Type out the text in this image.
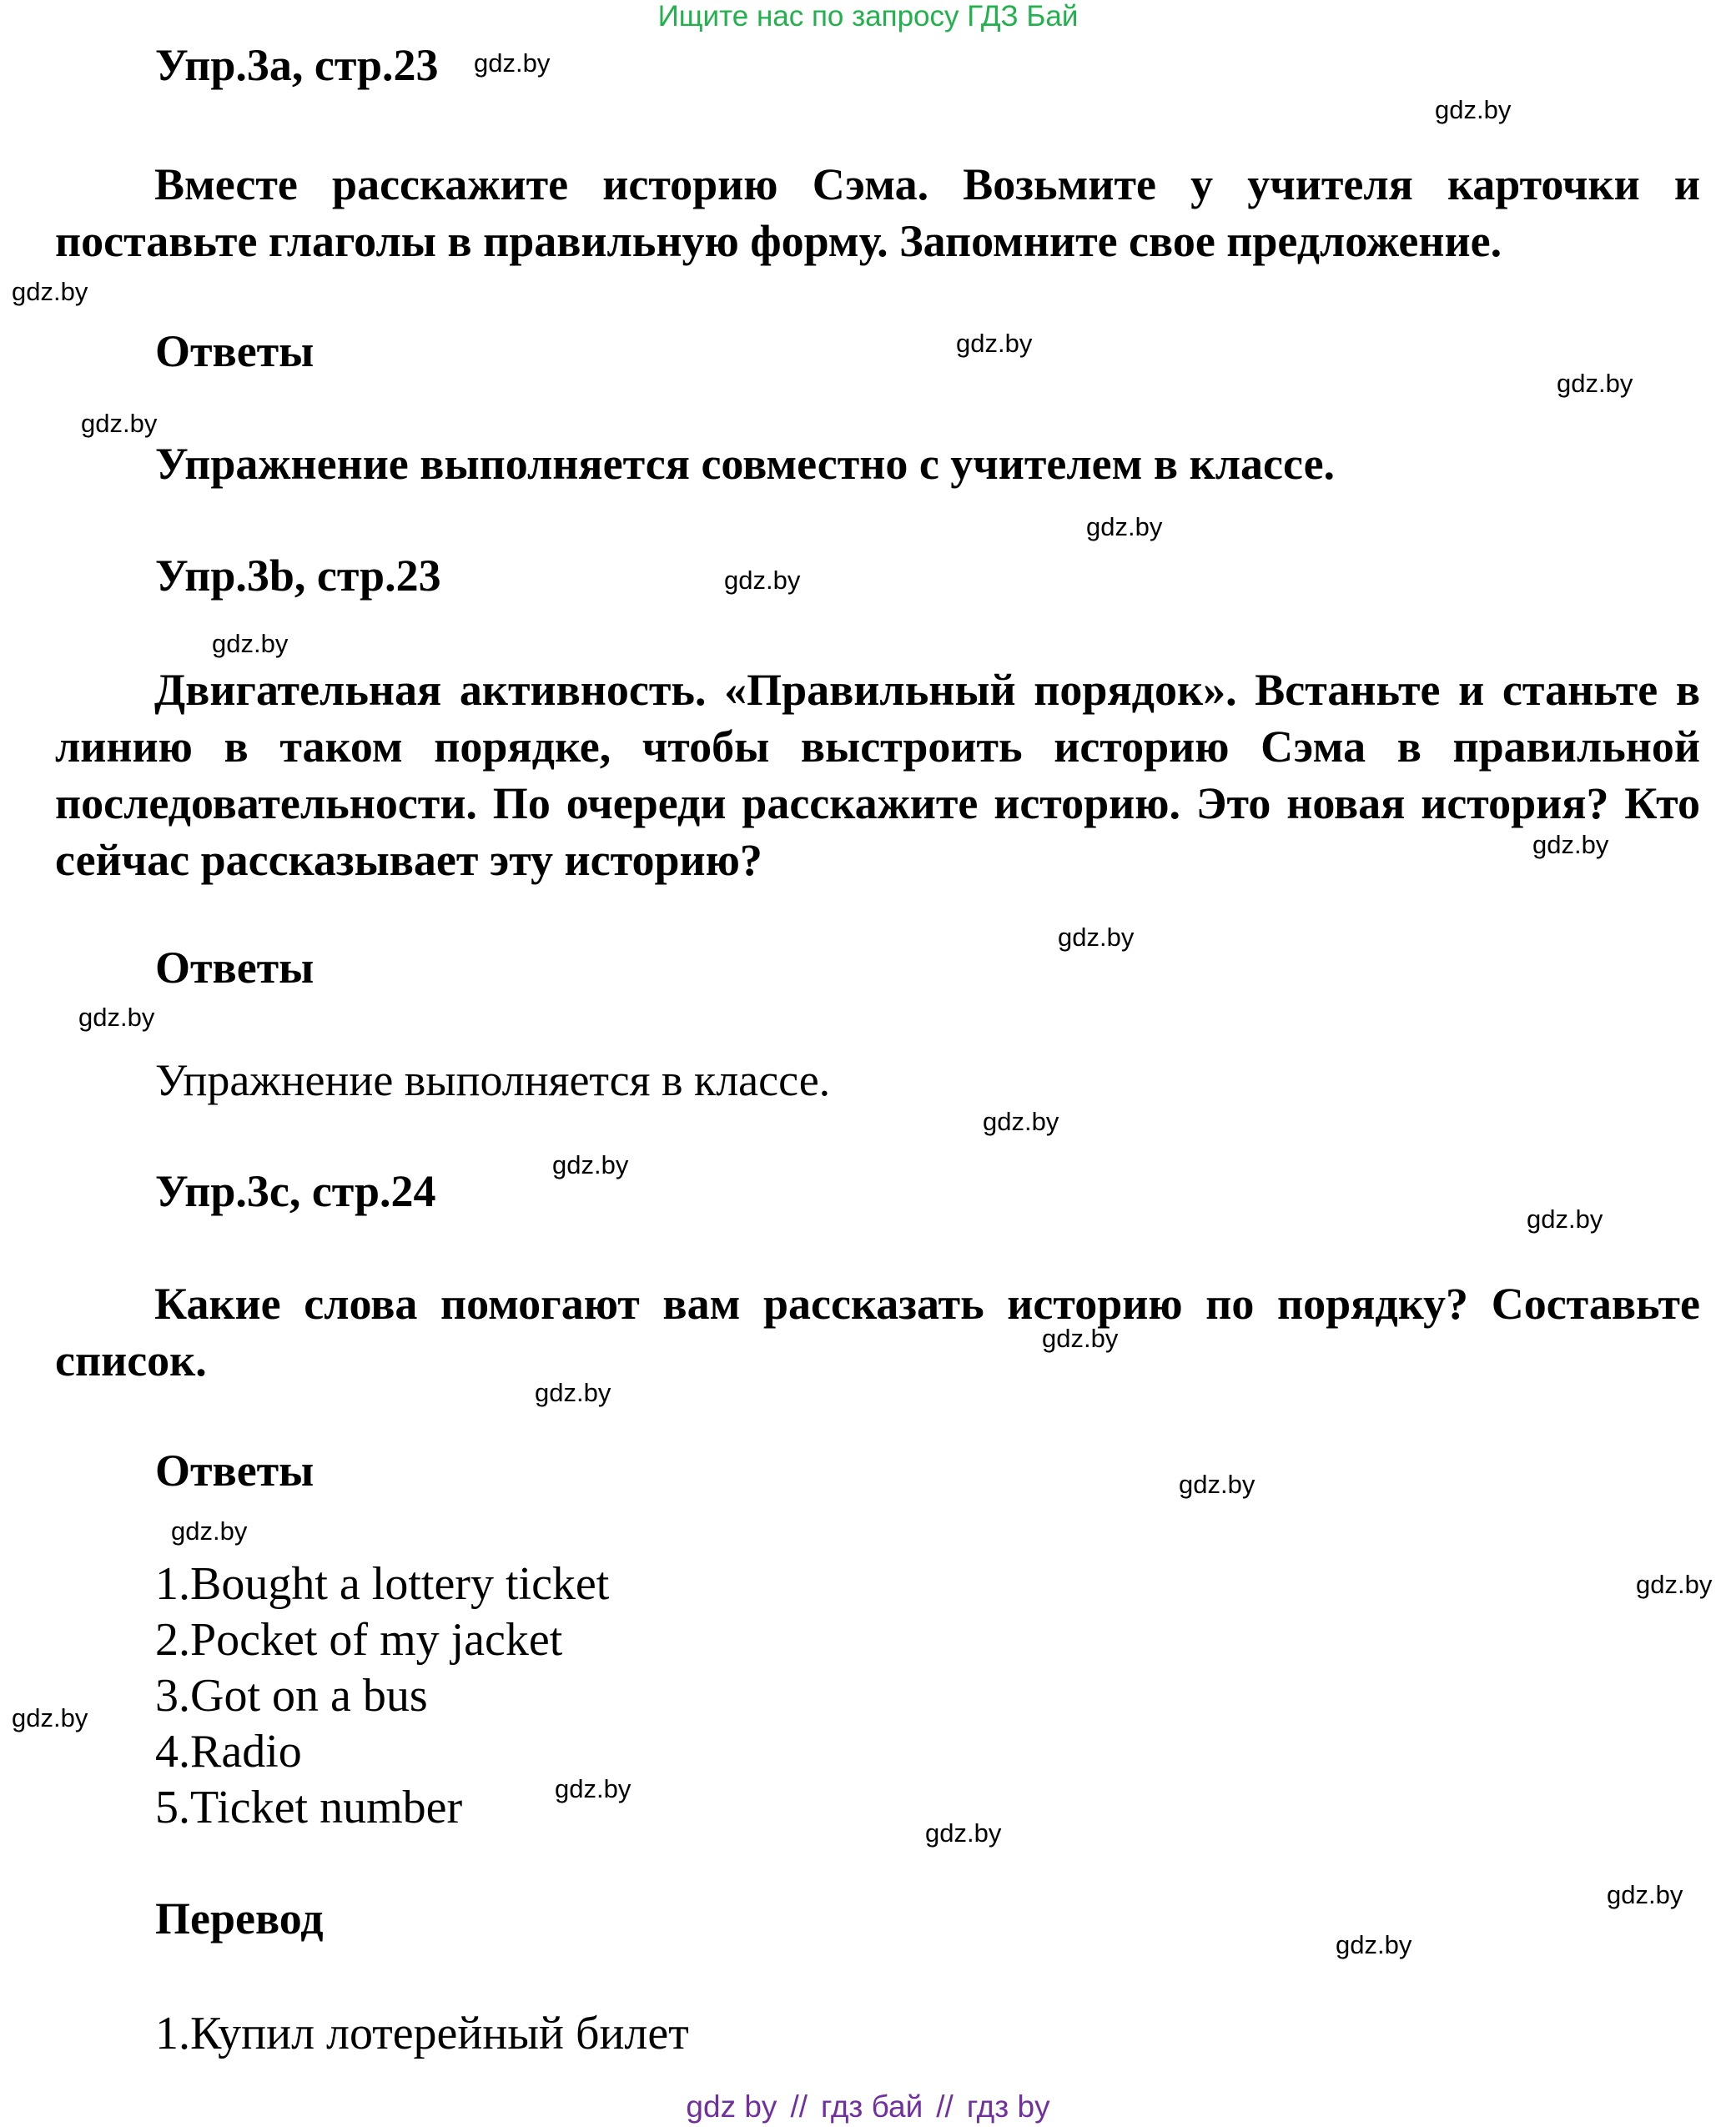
Ищите нас по запросу ГДЗ Бай
Упр.3a, стр.23
Вместе расскажите историю Сэма. Возьмите у учителя карточки и поставьте глаголы в правильную форму. Запомните свое предложение.
Ответы
Упражнение выполняется совместно с учителем в классе.
Упр.3b, стр.23
Двигательная активность. «Правильный порядок». Встаньте и станьте в линию в таком порядке, чтобы выстроить историю Сэма в правильной последовательности. По очереди расскажите историю. Это новая история? Кто сейчас рассказывает эту историю?
Ответы
Упражнение выполняется в классе.
Упр.3c, стр.24
Какие слова помогают вам рассказать историю по порядку? Составьте список.
Ответы
1.Bought a lottery ticket
2.Pocket of my jacket
3.Got on a bus
4.Radio
5.Ticket number
Перевод
1.Купил лотерейный билет
gdz.by
gdz.by
gdz.by
gdz.by
gdz.by
gdz.by
gdz.by
gdz.by
gdz.by
gdz.by
gdz.by
gdz.by
gdz.by
gdz.by
gdz.by
gdz.by
gdz.by
gdz.by
gdz.by
gdz.by
gdz.by
gdz.by
gdz.by
gdz.by
gdz.by
gdz by // гдз бай // гдз by
